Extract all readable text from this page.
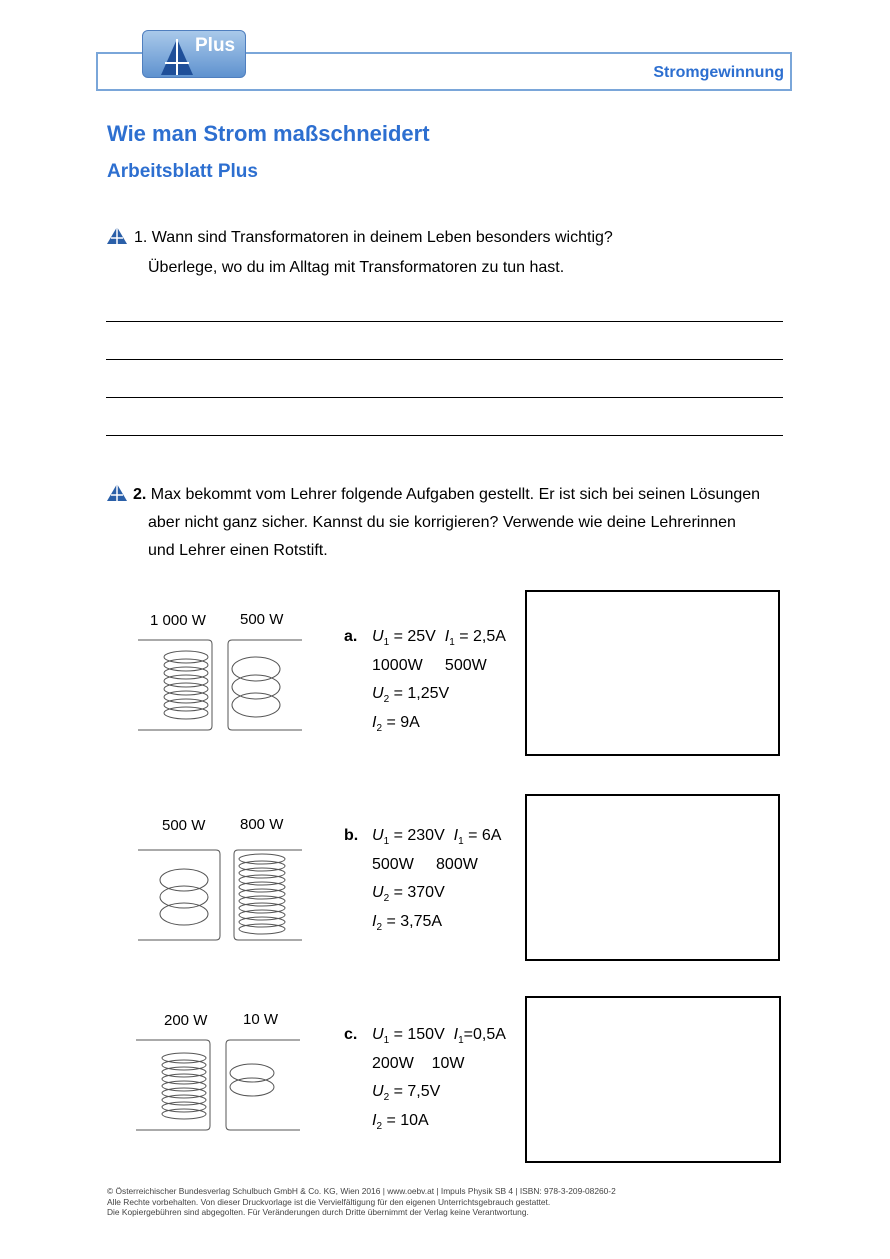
Plus
Stromgewinnung
Wie man Strom maßschneidert
Arbeitsblatt Plus
1. Wann sind Transformatoren in deinem Leben besonders wichtig?
Überlege, wo du im Alltag mit Transformatoren zu tun hast.
2. Max bekommt vom Lehrer folgende Aufgaben gestellt. Er ist sich bei seinen Lösungen
aber nicht ganz sicher. Kannst du sie korrigieren? Verwende wie deine Lehrerinnen
und Lehrer einen Rotstift.
1 000 W 500 W
a. $U_1 = 25V$ $I_1 = 2,5A$
1000W     500W
$U_2 = 1,25V$
$I_2 = 9A$
500 W 800 W
b. $U_1 = 230V$ $I_1 = 6A$
500W     800W
$U_2 = 370V$
$I_2 = 3,75A$
200 W 10 W
c. $U_1 = 150V$ $I_1=0,5A$
200W    10W
$U_2 = 7,5V$
$I_2 = 10A$
© Österreichischer Bundesverlag Schulbuch GmbH & Co. KG, Wien 2016 | www.oebv.at | Impuls Physik SB 4 | ISBN: 978-3-209-08260-2
Alle Rechte vorbehalten. Von dieser Druckvorlage ist die Vervielfältigung für den eigenen Unterrichtsgebrauch gestattet.
Die Kopiergebühren sind abgegolten. Für Veränderungen durch Dritte übernimmt der Verlag keine Verantwortung.
